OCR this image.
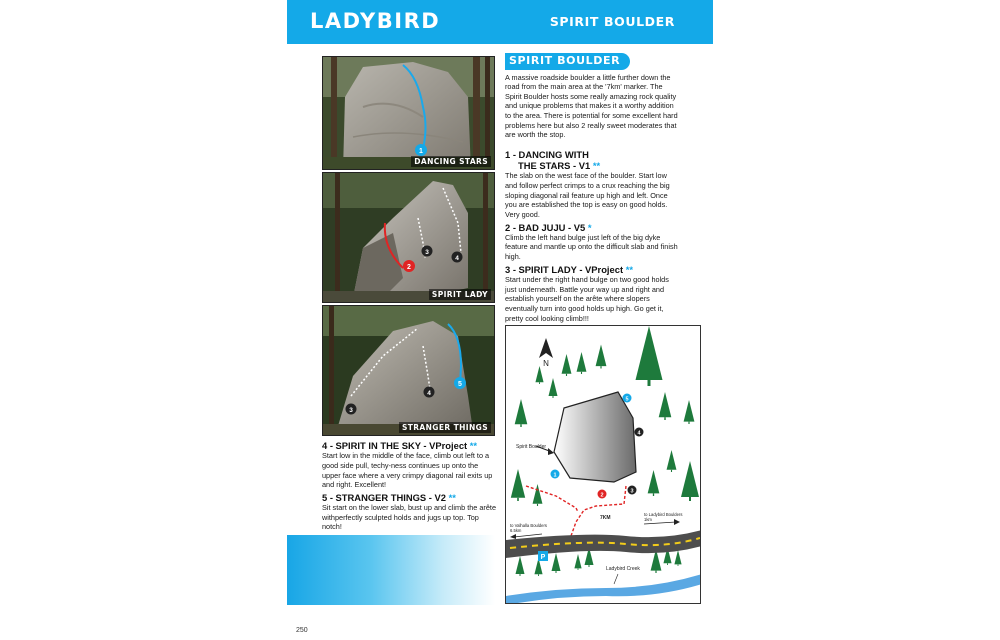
LADYBIRD	SPIRIT BOULDER
1
DANCING STARS
2
3
4
SPIRIT LADY
5
4
3
STRANGER THINGS
4 - SPIRIT IN THE SKY - VProject **
Start low in the middle of the face, climb out left to a good side pull, techy-ness continues up onto the upper face where a very crimpy diagonal rail exits up and right. Excellent!
5 - STRANGER THINGS - V2 **
Sit start on the lower slab, bust up and climb the arête withperfectly sculpted holds and jugs up top. Top notch!
SPIRIT BOULDER
A massive roadside boulder a little further down the road from the main area at the '7km' marker. The Spirit Boulder hosts some really amazing rock quality and unique problems that makes it a worthy addition to the area. There is potential for some excellent hard problems here but also 2 really sweet moderates that are worth the stop.
1 - DANCING WITH
THE STARS - V1 **
The slab on the west face of the boulder. Start low and follow perfect crimps to a crux reaching the big sloping diagonal rail feature up high and left. Once you are established the top is easy on good holds. Very good.
2 - BAD JUJU - V5 *
Climb the left hand bulge just left of the big dyke feature and mantle up onto the difficult slab and finish high.
3 - SPIRIT LADY - VProject **
Start under the right hand bulge on two good holds just underneath. Battle your way up and right and establish yourself on the arête where slopers eventually turn into good holds up high. Go get it, pretty cool looking climb!!!
N
5
4
1
2
3
P
Spirit Boulder
7KM
to Valhalla Boulders 6.5km
to Ladybird Boulders 1km
Ladybird Creek
250
